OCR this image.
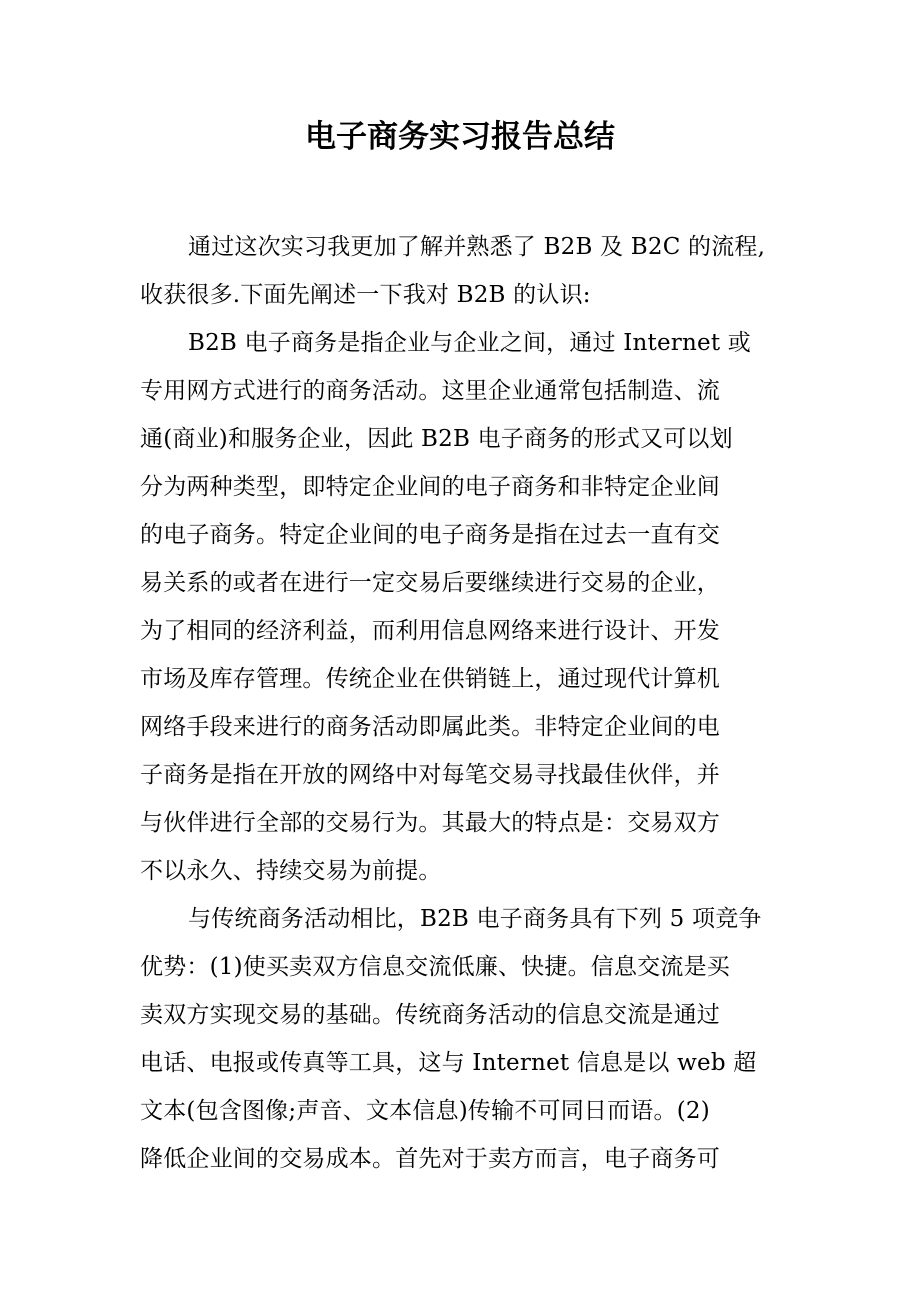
电子商务实习报告总结
通过这次实习我更加了解并熟悉了 B2B 及 B2C 的流程,
收获很多.下面先阐述一下我对 B2B 的认识:
B2B 电子商务是指企业与企业之间，通过 Internet 或
专用网方式进行的商务活动。这里企业通常包括制造、流
通(商业)和服务企业，因此 B2B 电子商务的形式又可以划
分为两种类型，即特定企业间的电子商务和非特定企业间
的电子商务。特定企业间的电子商务是指在过去一直有交
易关系的或者在进行一定交易后要继续进行交易的企业，
为了相同的经济利益，而利用信息网络来进行设计、开发
市场及库存管理。传统企业在供销链上，通过现代计算机
网络手段来进行的商务活动即属此类。非特定企业间的电
子商务是指在开放的网络中对每笔交易寻找最佳伙伴，并
与伙伴进行全部的交易行为。其最大的特点是：交易双方
不以永久、持续交易为前提。
与传统商务活动相比，B2B 电子商务具有下列 5 项竞争
优势：(1)使买卖双方信息交流低廉、快捷。信息交流是买
卖双方实现交易的基础。传统商务活动的信息交流是通过
电话、电报或传真等工具，这与 Internet 信息是以 web 超
文本(包含图像;声音、文本信息)传输不可同日而语。(2)
降低企业间的交易成本。首先对于卖方而言，电子商务可
